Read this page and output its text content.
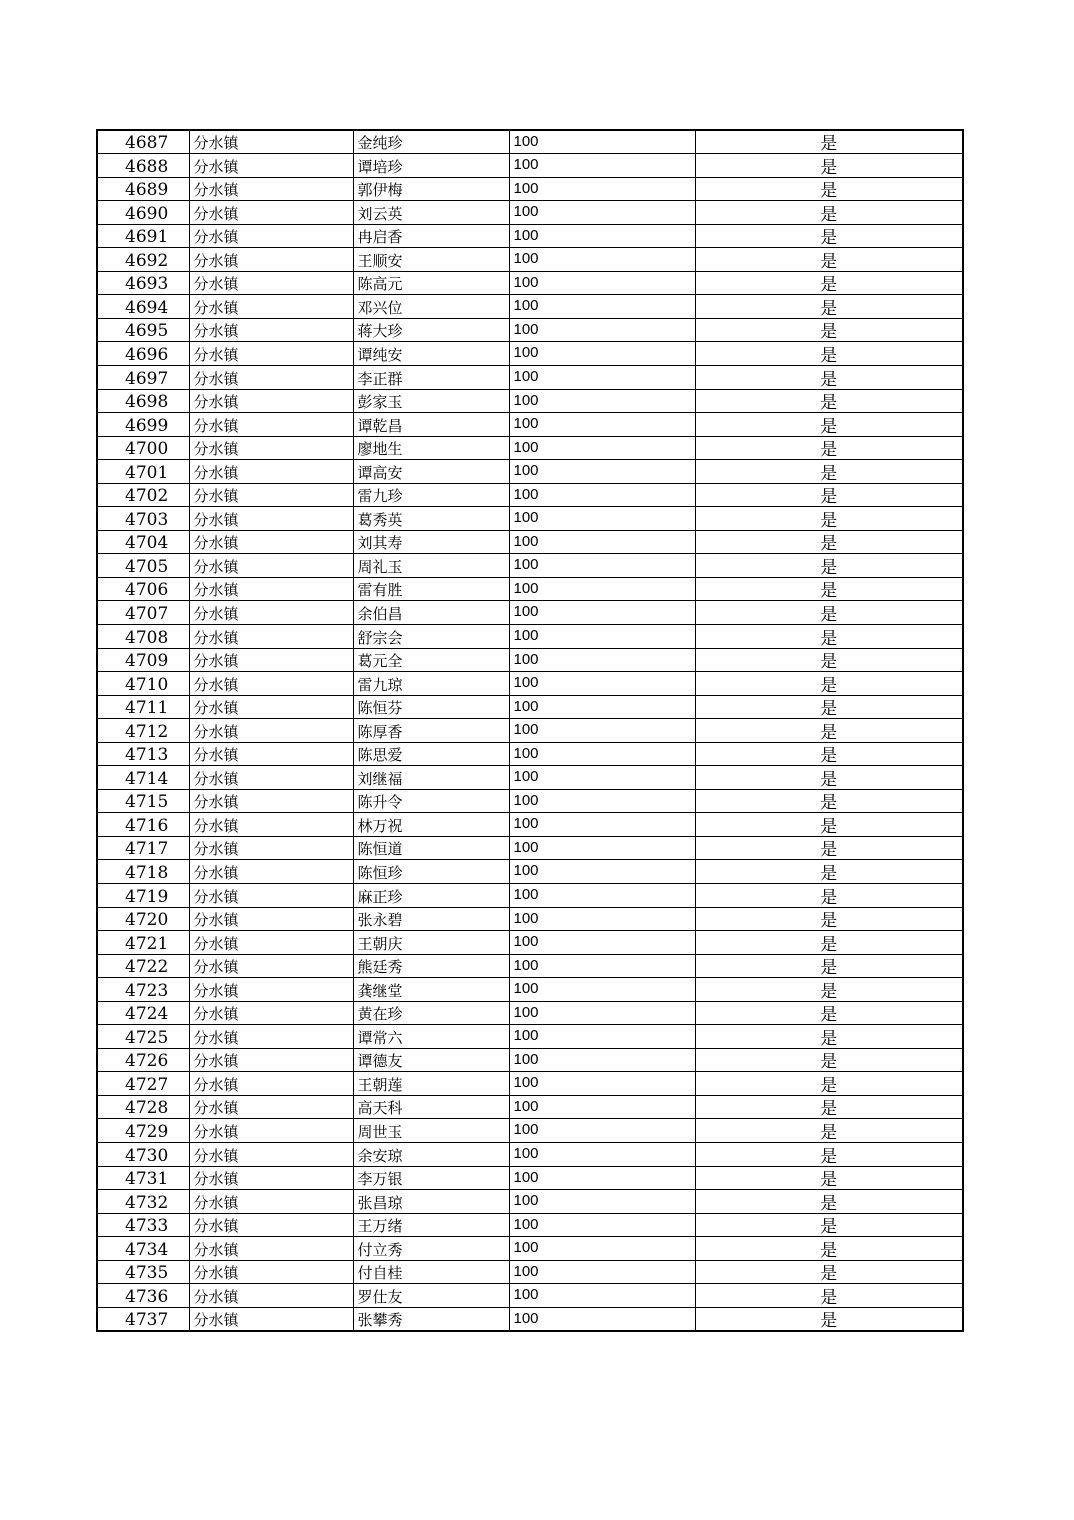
4687	分水镇	金纯珍	100	是
4688	分水镇	谭培珍	100	是
4689	分水镇	郭伊梅	100	是
4690	分水镇	刘云英	100	是
4691	分水镇	冉启香	100	是
4692	分水镇	王顺安	100	是
4693	分水镇	陈高元	100	是
4694	分水镇	邓兴位	100	是
4695	分水镇	蒋大珍	100	是
4696	分水镇	谭纯安	100	是
4697	分水镇	李正群	100	是
4698	分水镇	彭家玉	100	是
4699	分水镇	谭乾昌	100	是
4700	分水镇	廖地生	100	是
4701	分水镇	谭高安	100	是
4702	分水镇	雷九珍	100	是
4703	分水镇	葛秀英	100	是
4704	分水镇	刘其寿	100	是
4705	分水镇	周礼玉	100	是
4706	分水镇	雷有胜	100	是
4707	分水镇	余伯昌	100	是
4708	分水镇	舒宗会	100	是
4709	分水镇	葛元全	100	是
4710	分水镇	雷九琼	100	是
4711	分水镇	陈恒芬	100	是
4712	分水镇	陈厚香	100	是
4713	分水镇	陈思爱	100	是
4714	分水镇	刘继福	100	是
4715	分水镇	陈升令	100	是
4716	分水镇	林万祝	100	是
4717	分水镇	陈恒道	100	是
4718	分水镇	陈恒珍	100	是
4719	分水镇	麻正珍	100	是
4720	分水镇	张永碧	100	是
4721	分水镇	王朝庆	100	是
4722	分水镇	熊廷秀	100	是
4723	分水镇	龚继堂	100	是
4724	分水镇	黄在珍	100	是
4725	分水镇	谭常六	100	是
4726	分水镇	谭德友	100	是
4727	分水镇	王朝莲	100	是
4728	分水镇	高天科	100	是
4729	分水镇	周世玉	100	是
4730	分水镇	余安琼	100	是
4731	分水镇	李万银	100	是
4732	分水镇	张昌琼	100	是
4733	分水镇	王万绪	100	是
4734	分水镇	付立秀	100	是
4735	分水镇	付自桂	100	是
4736	分水镇	罗仕友	100	是
4737	分水镇	张攀秀	100	是
